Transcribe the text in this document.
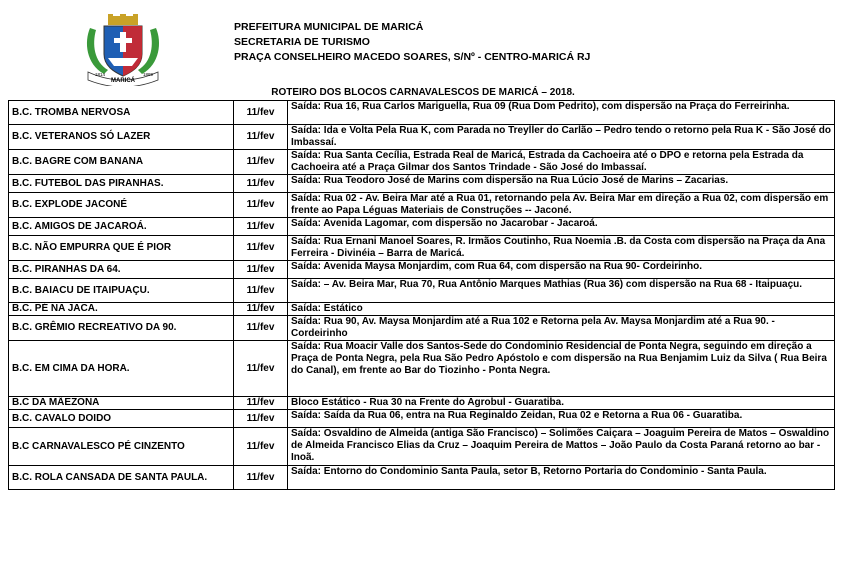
MARICÁ
1814	1889
PREFEITURA MUNICIPAL DE MARICÁ
SECRETARIA DE TURISMO
PRAÇA CONSELHEIRO MACEDO SOARES, S/Nº - CENTRO-MARICÁ RJ
ROTEIRO DOS BLOCOS CARNAVALESCOS DE MARICÁ – 2018.
B.C. TROMBA NERVOSA	11/fev	Saída: Rua 16, Rua Carlos Mariguella, Rua 09 (Rua Dom Pedrito), com dispersão na Praça do Ferreirinha.
B.C. VETERANOS SÓ LAZER	11/fev	Saída: Ida e Volta Pela Rua K, com Parada no Treyller do Carlão – Pedro tendo o retorno pela Rua K - São José do Imbassaí.
B.C. BAGRE COM BANANA	11/fev	Saída: Rua Santa Cecília, Estrada Real de Maricá, Estrada da Cachoeira até o DPO e retorna pela Estrada da Cachoeira até a Praça Gilmar dos Santos Trindade - São José do Imbassaí.
B.C. FUTEBOL DAS PIRANHAS.	11/fev	Saída: Rua Teodoro José de Marins com dispersão na Rua Lúcio José de Marins – Zacarias.
B.C. EXPLODE JACONÉ	11/fev	Saída: Rua 02 - Av. Beira Mar até a Rua 01, retornando pela Av. Beira Mar em direção a Rua 02, com dispersão em frente ao Papa Léguas Materiais de Construções -- Jaconé.
B.C. AMIGOS DE JACAROÁ.	11/fev	Saída: Avenida Lagomar, com dispersão no Jacarobar - Jacaroá.
B.C. NÃO EMPURRA QUE É PIOR	11/fev	Saída: Rua Ernani Manoel Soares, R. Irmãos Coutinho, Rua Noemia .B. da Costa com dispersão na Praça da Ana Ferreira - Divinéia – Barra de Maricá.
B.C. PIRANHAS DA 64.	11/fev	Saída: Avenida Maysa Monjardim, com Rua 64, com dispersão na Rua 90- Cordeirinho.
B.C. BAIACU DE ITAIPUAÇU.	11/fev	Saída: – Av. Beira Mar, Rua 70, Rua Antônio Marques Mathias (Rua 36) com dispersão na Rua 68 - Itaipuaçu.
B.C. PÉ NA JACA.	11/fev	Saída: Estático
B.C. GRÊMIO RECREATIVO DA 90.	11/fev	Saída: Rua 90, Av. Maysa Monjardim até a Rua 102 e Retorna pela Av. Maysa Monjardim até a Rua 90. - Cordeirinho
B.C. EM CIMA DA HORA.	11/fev	Saída: Rua Moacir Valle dos Santos-Sede do Condominio Residencial de Ponta Negra, seguindo em direção a Praça de Ponta Negra, pela Rua São Pedro Apóstolo e com dispersão na Rua Benjamim Luiz da Silva ( Rua Beira do Canal), em frente ao Bar do Tiozinho - Ponta Negra.
B.C DA MÃEZONA	11/fev	Bloco Estático - Rua 30 na Frente do Agrobul - Guaratiba.
B.C. CAVALO DOIDO	11/fev	Saída: Saída da Rua 06, entra na Rua Reginaldo Zeidan, Rua 02 e Retorna a Rua 06 - Guaratiba.
B.C CARNAVALESCO PÉ CINZENTO	11/fev	Saída: Osvaldino de Almeida (antiga São Francisco) – Solimões Caiçara – Joaguim Pereira de Matos – Oswaldino de Almeida Francisco Elias da Cruz – Joaquim Pereira de Mattos – João Paulo da Costa Paraná retorno ao bar - Inoã.
B.C. ROLA CANSADA DE SANTA PAULA.	11/fev	Saída: Entorno do Condominio Santa Paula, setor B, Retorno Portaria do Condominio - Santa Paula.
